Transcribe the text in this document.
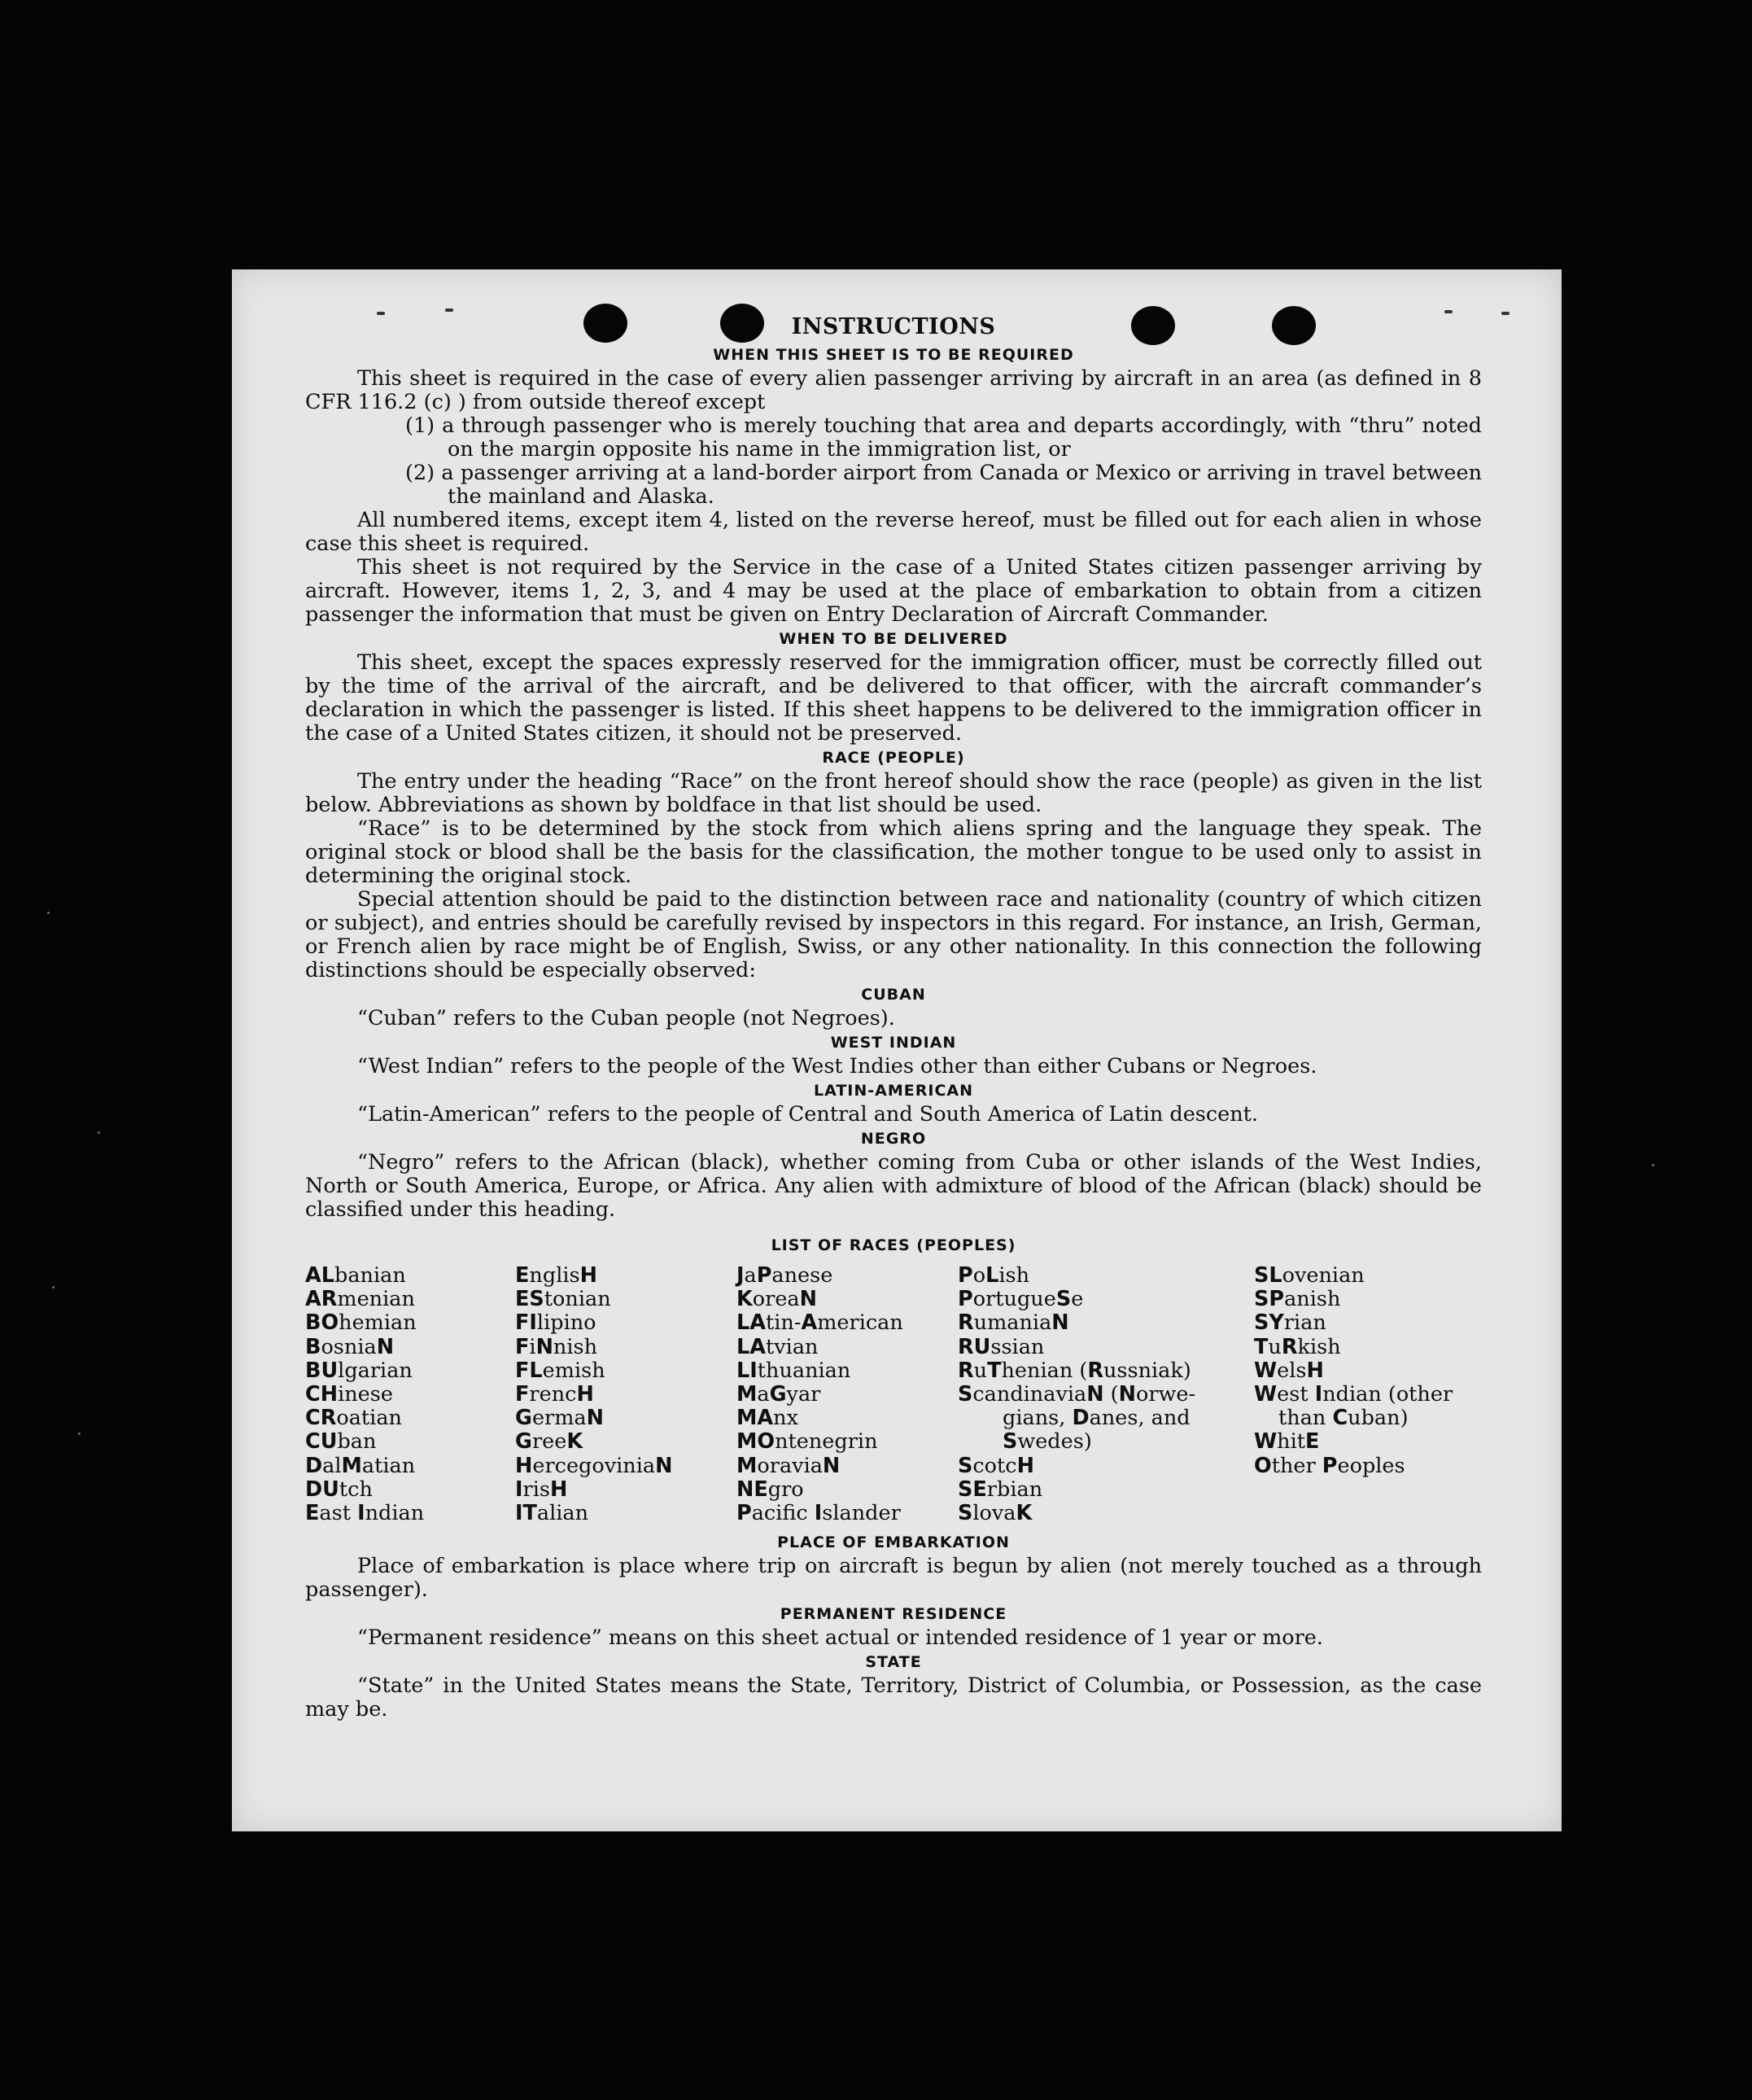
INSTRUCTIONS
WHEN THIS SHEET IS TO BE REQUIRED

This sheet is required in the case of every alien passenger arriving by aircraft in an area (as defined in 8 CFR 116.2 (c) ) from outside thereof except

(1) a through passenger who is merely touching that area and departs accordingly, with “thru” noted on the margin opposite his name in the immigration list, or

(2) a passenger arriving at a land-border airport from Canada or Mexico or arriving in travel between the mainland and Alaska.

All numbered items, except item 4, listed on the reverse hereof, must be filled out for each alien in whose case this sheet is required.

This sheet is not required by the Service in the case of a United States citizen passenger arriving by aircraft. However, items 1, 2, 3, and 4 may be used at the place of embarkation to obtain from a citizen passenger the information that must be given on Entry Declaration of Aircraft Commander.

WHEN TO BE DELIVERED

This sheet, except the spaces expressly reserved for the immigration officer, must be correctly filled out by the time of the arrival of the aircraft, and be delivered to that officer, with the aircraft commander’s declaration in which the passenger is listed. If this sheet happens to be delivered to the immigration officer in the case of a United States citizen, it should not be preserved.

RACE (PEOPLE)

The entry under the heading “Race” on the front hereof should show the race (people) as given in the list below. Abbreviations as shown by boldface in that list should be used.

“Race” is to be determined by the stock from which aliens spring and the language they speak. The original stock or blood shall be the basis for the classification, the mother tongue to be used only to assist in determining the original stock.

Special attention should be paid to the distinction between race and nationality (country of which citizen or subject), and entries should be carefully revised by inspectors in this regard. For instance, an Irish, German, or French alien by race might be of English, Swiss, or any other nationality. In this connection the following distinctions should be especially observed:

CUBAN

“Cuban” refers to the Cuban people (not Negroes).

WEST INDIAN

“West Indian” refers to the people of the West Indies other than either Cubans or Negroes.

LATIN-AMERICAN

“Latin-American” refers to the people of Central and South America of Latin descent.

NEGRO

“Negro” refers to the African (black), whether coming from Cuba or other islands of the West Indies, North or South America, Europe, or Africa. Any alien with admixture of blood of the African (black) should be classified under this heading.

LIST OF RACES (PEOPLES)
ALbanian
ARmenian
BOhemian
BosniaN
BUlgarian
CHinese
CRoatian
CUban
DalMatian
DUtch
East Indian
EnglisH
EStonian
FIlipino
FiNnish
FLemish
FrencH
GermaN
GreeK
HercegoviniaN
IrisH
ITalian
JaPanese
KoreaN
LAtin-American
LAtvian
LIthuanian
MaGyar
MAnx
MOntenegrin
MoraviaN
NEgro
Pacifc Islander
PoLish
PortugueSe
RumaniaN
RUssian
RuThenian (Russniak)
ScandinaviaN (Norwe-
gians, Danes, and
Swedes)
ScotcH
SErbian
SlovaK
SLovenian
SPanish
SYrian
TuRkish
WelsH
West Indian (other
than Cuban)
WhitE
Other Peoples
PLACE OF EMBARKATION

Place of embarkation is place where trip on aircraft is begun by alien (not merely touched as a through passenger).

PERMANENT RESIDENCE

“Permanent residence” means on this sheet actual or intended residence of 1 year or more.

STATE

“State” in the United States means the State, Territory, District of Columbia, or Possession, as the case may be.
